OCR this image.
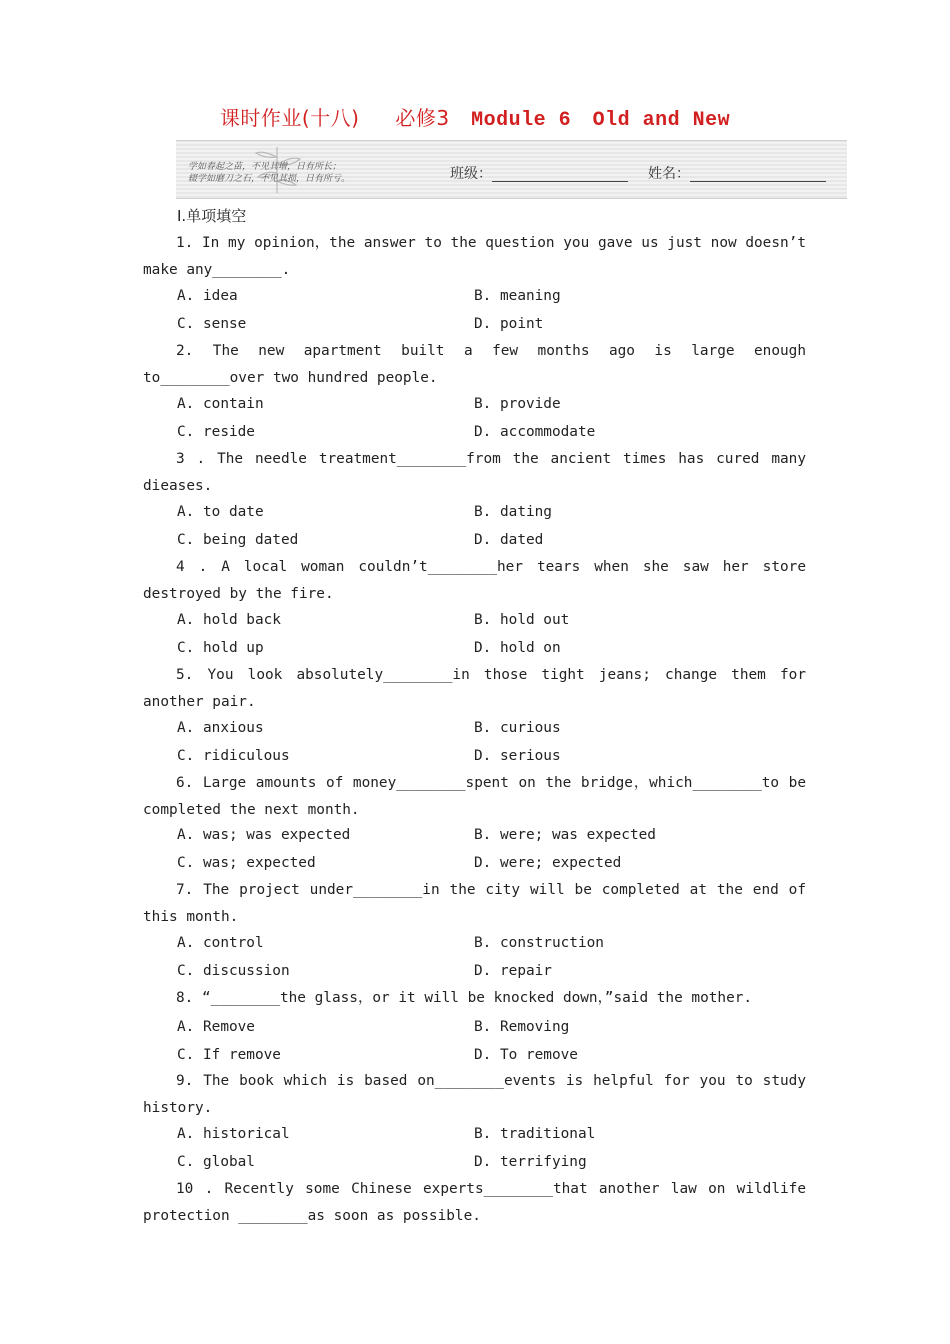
课时作业(十八) 必修3 Module 6 Old and New
学如春起之苗，不见其增，日有所长；
辍学如磨刀之石，不见其损，日有所亏。	班级：	姓名：
Ⅰ.单项填空
1. In my opinion，the answer to the question you gave us just now doesn’t make any________.
A. idea	B. meaning
C. sense	D. point
2. The new apartment built a few months ago is large enough to________over two hundred people.
A. contain	B. provide
C. reside	D. accommodate
3 . The needle treatment________from the ancient times has cured many dieases.
A. to date	B. dating
C. being dated	D. dated
4 . A local woman couldn’t________her tears when she saw her store destroyed by the fire.
A. hold back	B. hold out
C. hold up	D. hold on
5. You look absolutely________in those tight jeans; change them for another pair.
A. anxious	B. curious
C. ridiculous	D. serious
6. Large amounts of money________spent on the bridge，which________to be completed the next month.
A. was; was expected	B. were; was expected
C. was; expected	D. were; expected
7. The project under________in the city will be completed at the end of this month.
A. control	B. construction
C. discussion	D. repair
8. “________the glass，or it will be knocked down，”said the mother.
A. Remove	B. Removing
C. If remove	D. To remove
9. The book which is based on________events is helpful for you to study history.
A. historical	B. traditional
C. global	D. terrifying
10 . Recently some Chinese experts________that another law on wildlife protection ________as soon as possible.
